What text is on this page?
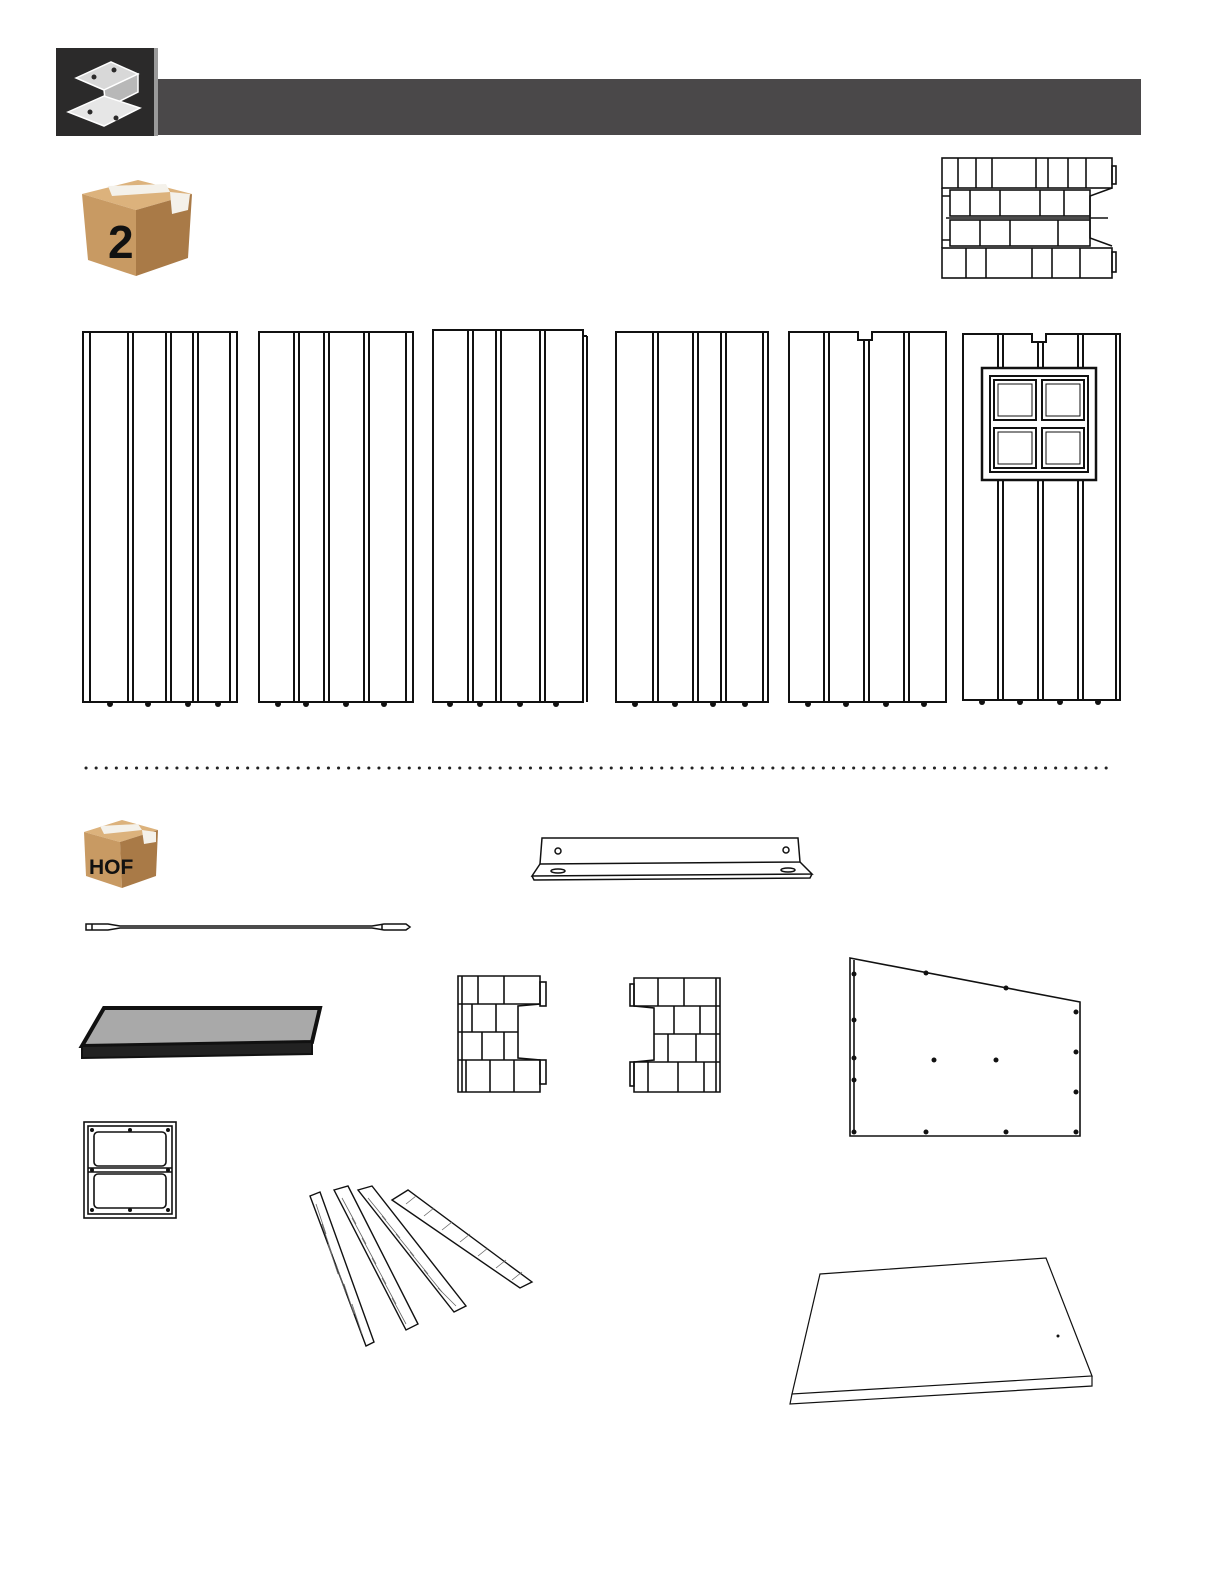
2
HOF
